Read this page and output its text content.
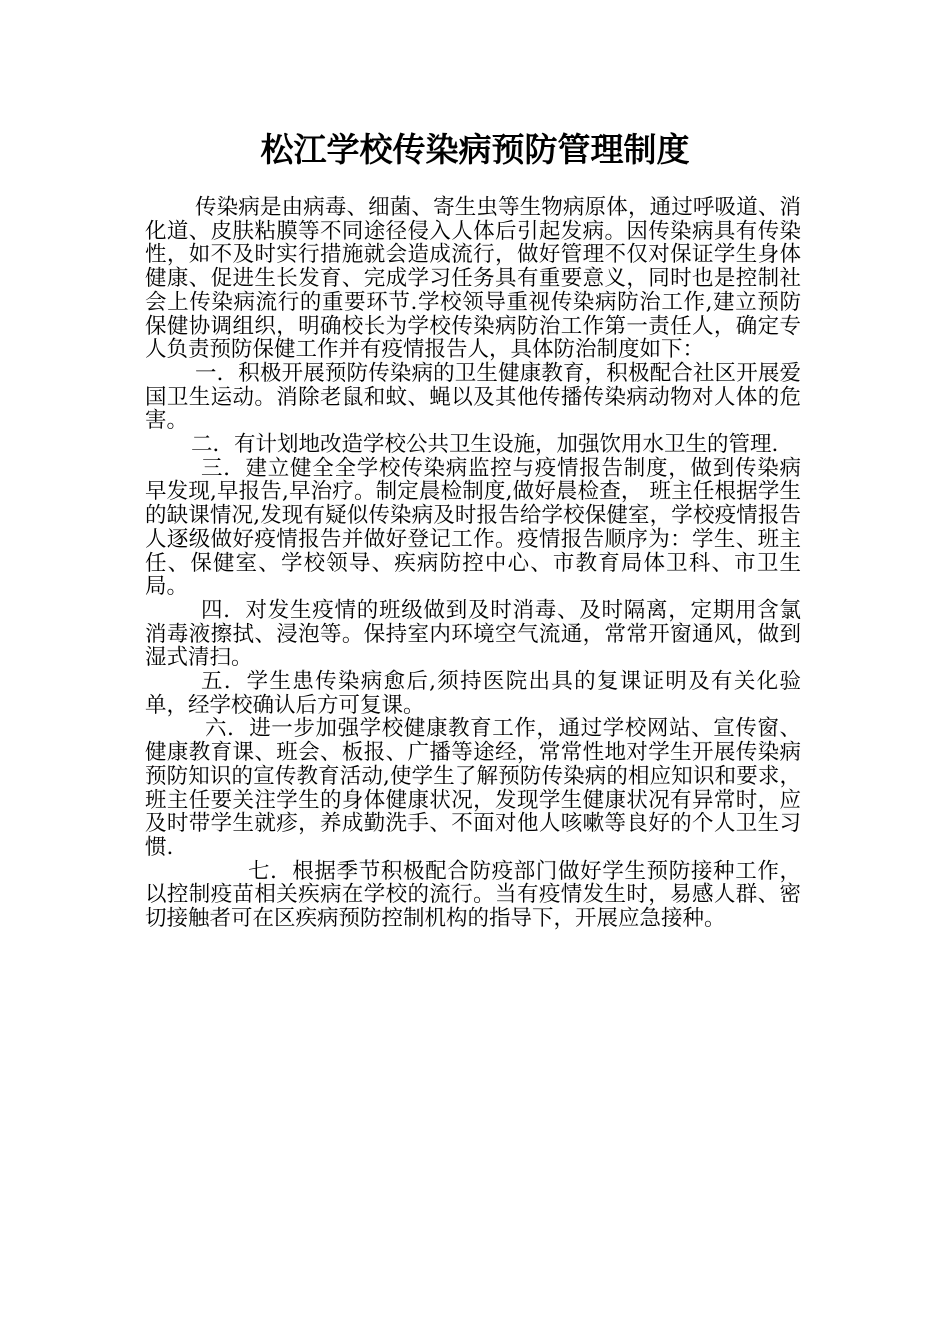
松江学校传染病预防管理制度

传染病是由病毒、细菌、寄生虫等生物病原体，通过呼吸道、消化道、皮肤粘膜等不同途径侵入人体后引起发病。因传染病具有传染性，如不及时实行措施就会造成流行，做好管理不仅对保证学生身体健康、促进生长发育、完成学习任务具有重要意义，同时也是控制社会上传染病流行的重要环节.学校领导重视传染病防治工作,建立预防保健协调组织，明确校长为学校传染病防治工作第一责任人，确定专人负责预防保健工作并有疫情报告人，具体防治制度如下：

一．积极开展预防传染病的卫生健康教育，积极配合社区开展爱国卫生运动。消除老鼠和蚊、蝇以及其他传播传染病动物对人体的危害。

二．有计划地改造学校公共卫生设施，加强饮用水卫生的管理.

三．建立健全全学校传染病监控与疫情报告制度，做到传染病早发现,早报告,早治疗。制定晨检制度,做好晨检查， 班主任根据学生的缺课情况,发现有疑似传染病及时报告给学校保健室，学校疫情报告人逐级做好疫情报告并做好登记工作。疫情报告顺序为：学生、班主任、保健室、学校领导、疾病防控中心、市教育局体卫科、市卫生局。

四．对发生疫情的班级做到及时消毒、及时隔离，定期用含氯消毒液擦拭、浸泡等。保持室内环境空气流通，常常开窗通风，做到湿式清扫。

五．学生患传染病愈后,须持医院出具的复课证明及有关化验单，经学校确认后方可复课。

六．进一步加强学校健康教育工作，通过学校网站、宣传窗、健康教育课、班会、板报、广播等途经，常常性地对学生开展传染病预防知识的宣传教育活动,使学生了解预防传染病的相应知识和要求，班主任要关注学生的身体健康状况，发现学生健康状况有异常时，应及时带学生就疹，养成勤洗手、不面对他人咳嗽等良好的个人卫生习惯.

七．根据季节积极配合防疫部门做好学生预防接种工作，以控制疫苗相关疾病在学校的流行。当有疫情发生时，易感人群、密切接触者可在区疾病预防控制机构的指导下，开展应急接种。
